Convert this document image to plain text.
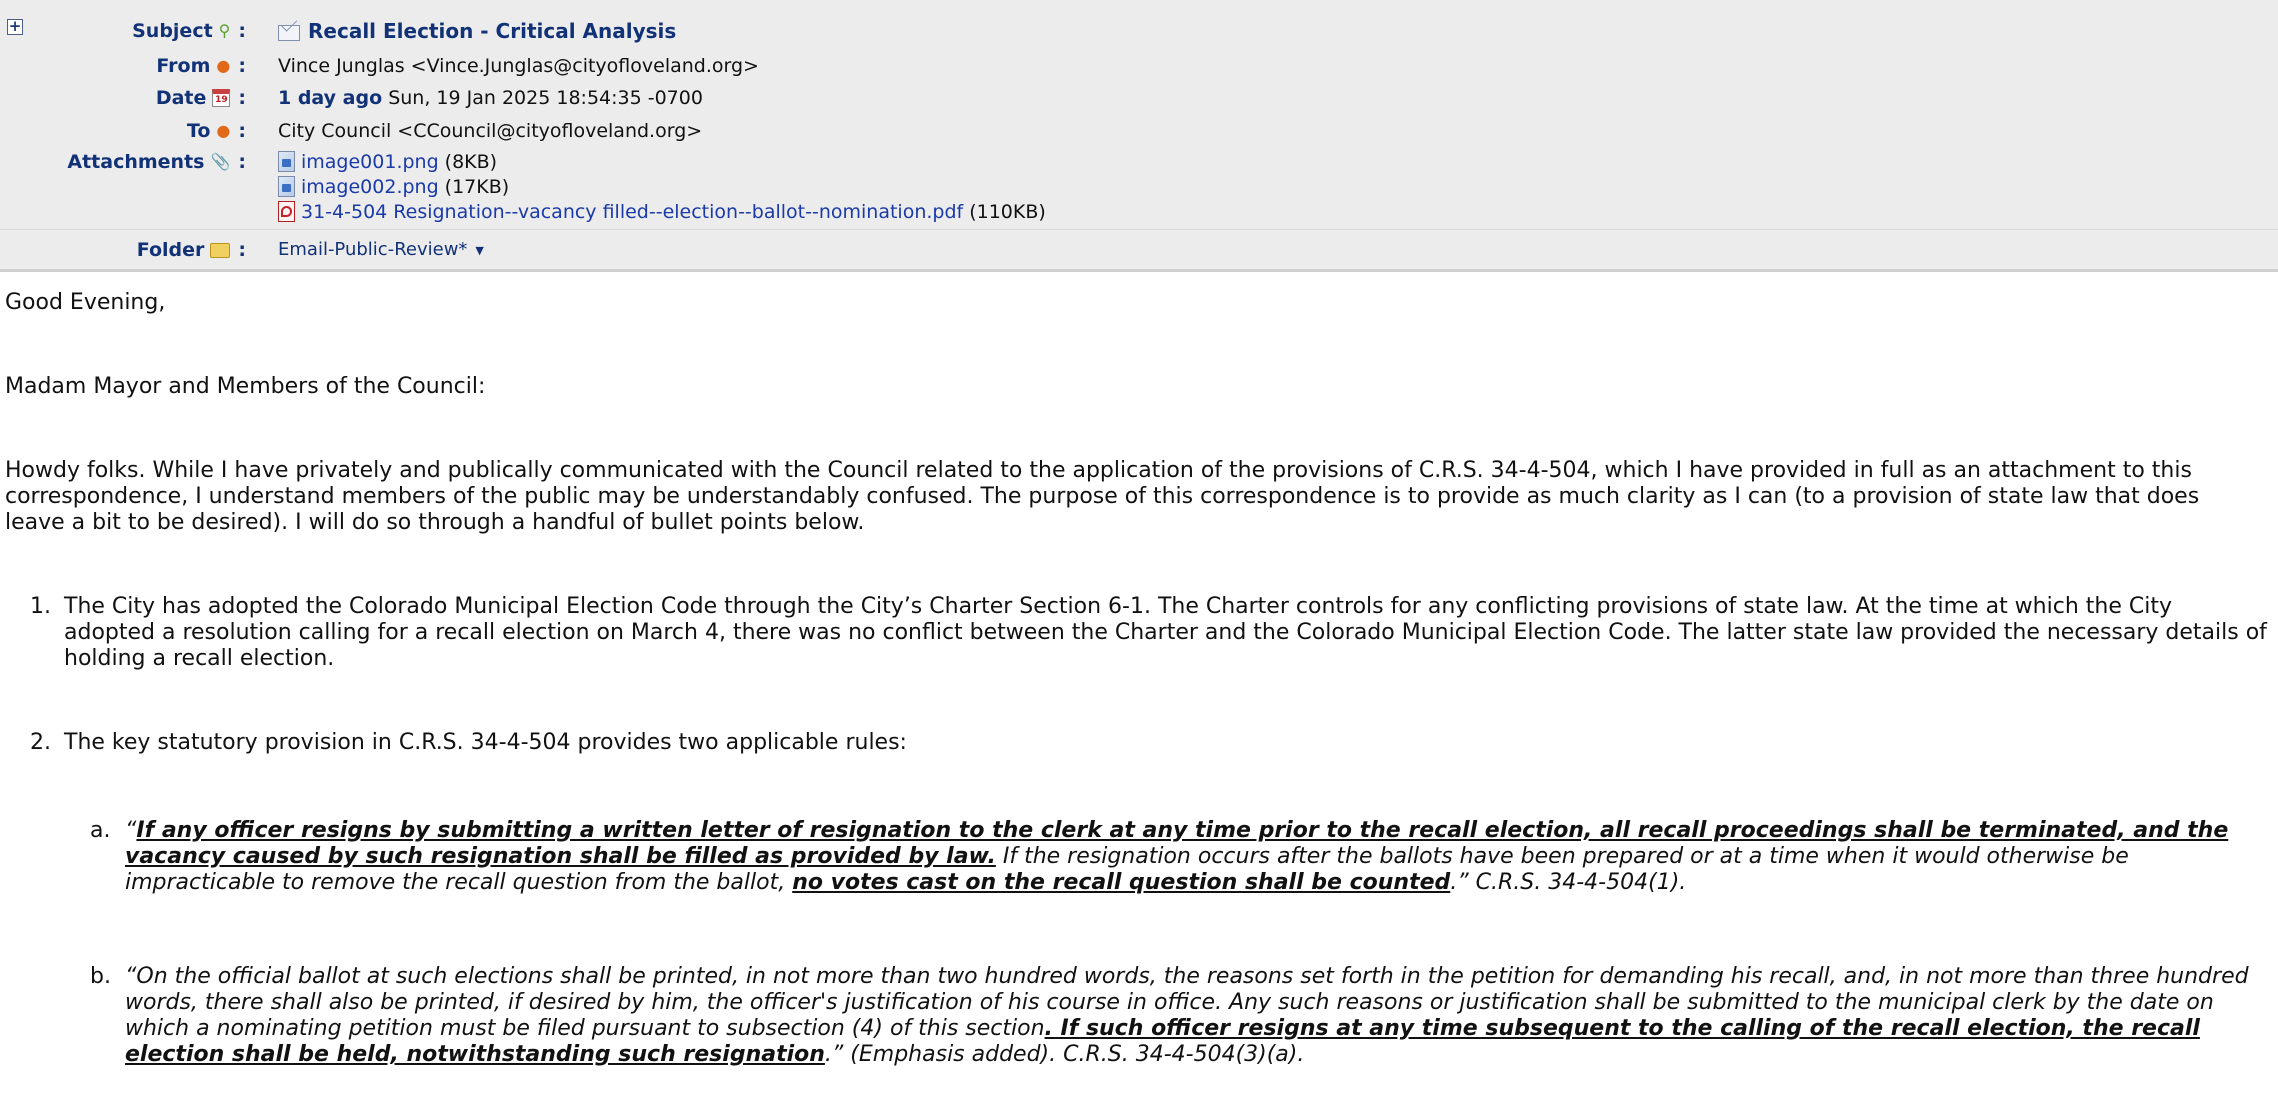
+	Subject ⚲ :	Recall Election - Critical Analysis
From ● : Vince Junglas <Vince.Junglas@cityofloveland.org>
Date 19 : 1 day ago Sun, 19 Jan 2025 18:54:35 -0700
To ● : City Council <CCouncil@cityofloveland.org>
Attachments 📎 :	image001.png (8KB)
image002.png (17KB)
31-4-504 Resignation--vacancy filled--election--ballot--nomination.pdf (110KB)
Folder : Email-Public-Review* ▼

Good Evening,

Madam Mayor and Members of the Council:

Howdy folks. While I have privately and publically communicated with the Council related to the application of the provisions of C.R.S. 34-4-504, which I have provided in full as an attachment to this correspondence, I understand members of the public may be understandably confused. The purpose of this correspondence is to provide as much clarity as I can (to a provision of state law that does leave a bit to be desired). I will do so through a handful of bullet points below.

1. The City has adopted the Colorado Municipal Election Code through the City’s Charter Section 6-1. The Charter controls for any conflicting provisions of state law. At the time at which the City adopted a resolution calling for a recall election on March 4, there was no conflict between the Charter and the Colorado Municipal Election Code. The latter state law provided the necessary details of holding a recall election.
2. The key statutory provision in C.R.S. 34-4-504 provides two applicable rules:
a. “If any officer resigns by submitting a written letter of resignation to the clerk at any time prior to the recall election, all recall proceedings shall be terminated, and the vacancy caused by such resignation shall be filled as provided by law. If the resignation occurs after the ballots have been prepared or at a time when it would otherwise be impracticable to remove the recall question from the ballot, no votes cast on the recall question shall be counted.” C.R.S. 34-4-504(1).
b. “On the official ballot at such elections shall be printed, in not more than two hundred words, the reasons set forth in the petition for demanding his recall, and, in not more than three hundred words, there shall also be printed, if desired by him, the officer's justification of his course in office. Any such reasons or justification shall be submitted to the municipal clerk by the date on which a nominating petition must be filed pursuant to subsection (4) of this section. If such officer resigns at any time subsequent to the calling of the recall election, the recall election shall be held, notwithstanding such resignation.” (Emphasis added). C.R.S. 34-4-504(3)(a).
